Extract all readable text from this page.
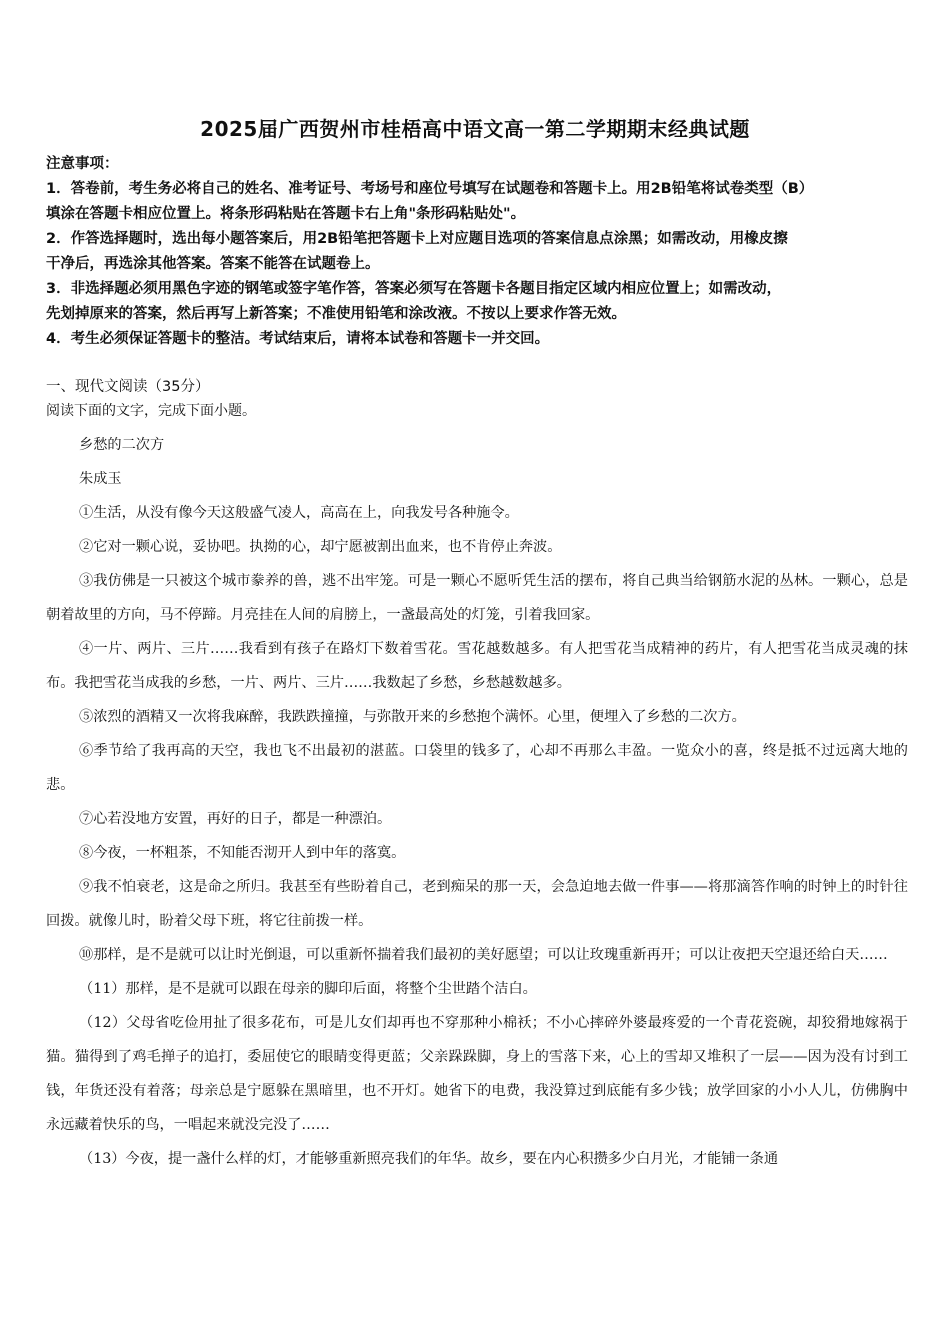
2025届广西贺州市桂梧高中语文高一第二学期期末经典试题
注意事项：
1．答卷前，考生务必将自己的姓名、准考证号、考场号和座位号填写在试题卷和答题卡上。用2B铅笔将试卷类型（B）
填涂在答题卡相应位置上。将条形码粘贴在答题卡右上角"条形码粘贴处"。
2．作答选择题时，选出每小题答案后，用2B铅笔把答题卡上对应题目选项的答案信息点涂黑；如需改动，用橡皮擦
干净后，再选涂其他答案。答案不能答在试题卷上。
3．非选择题必须用黑色字迹的钢笔或签字笔作答，答案必须写在答题卡各题目指定区域内相应位置上；如需改动，
先划掉原来的答案，然后再写上新答案；不准使用铅笔和涂改液。不按以上要求作答无效。
4．考生必须保证答题卡的整洁。考试结束后，请将本试卷和答题卡一并交回。
一、现代文阅读（35分）
阅读下面的文字，完成下面小题。

乡愁的二次方

朱成玉

①生活，从没有像今天这般盛气凌人，高高在上，向我发号各种施令。

②它对一颗心说，妥协吧。执拗的心，却宁愿被割出血来，也不肯停止奔波。

③我仿佛是一只被这个城市豢养的兽，逃不出牢笼。可是一颗心不愿听凭生活的摆布，将自己典当给钢筋水泥的丛林。一颗心，总是朝着故里的方向，马不停蹄。月亮挂在人间的肩膀上，一盏最高处的灯笼，引着我回家。

④一片、两片、三片……我看到有孩子在路灯下数着雪花。雪花越数越多。有人把雪花当成精神的药片，有人把雪花当成灵魂的抹布。我把雪花当成我的乡愁，一片、两片、三片……我数起了乡愁，乡愁越数越多。

⑤浓烈的酒精又一次将我麻醉，我跌跌撞撞，与弥散开来的乡愁抱个满怀。心里，便埋入了乡愁的二次方。

⑥季节给了我再高的天空，我也飞不出最初的湛蓝。口袋里的钱多了，心却不再那么丰盈。一览众小的喜，终是抵不过远离大地的悲。

⑦心若没地方安置，再好的日子，都是一种漂泊。

⑧今夜，一杯粗茶，不知能否沏开人到中年的落寞。

⑨我不怕衰老，这是命之所归。我甚至有些盼着自己，老到痴呆的那一天，会急迫地去做一件事——将那滴答作响的时钟上的时针往回拨。就像儿时，盼着父母下班，将它往前拨一样。

⑩那样，是不是就可以让时光倒退，可以重新怀揣着我们最初的美好愿望；可以让玫瑰重新再开；可以让夜把天空退还给白天……

（11）那样，是不是就可以跟在母亲的脚印后面，将整个尘世踏个洁白。

（12）父母省吃俭用扯了很多花布，可是儿女们却再也不穿那种小棉袄；不小心摔碎外婆最疼爱的一个青花瓷碗，却狡猾地嫁祸于猫。猫得到了鸡毛掸子的追打，委屈使它的眼睛变得更蓝；父亲跺跺脚，身上的雪落下来，心上的雪却又堆积了一层——因为没有讨到工钱，年货还没有着落；母亲总是宁愿躲在黑暗里，也不开灯。她省下的电费，我没算过到底能有多少钱；放学回家的小小人儿，仿佛胸中永远藏着快乐的鸟，一唱起来就没完没了……

（13）今夜，提一盏什么样的灯，才能够重新照亮我们的年华。故乡，要在内心积攒多少白月光，才能铺一条通
